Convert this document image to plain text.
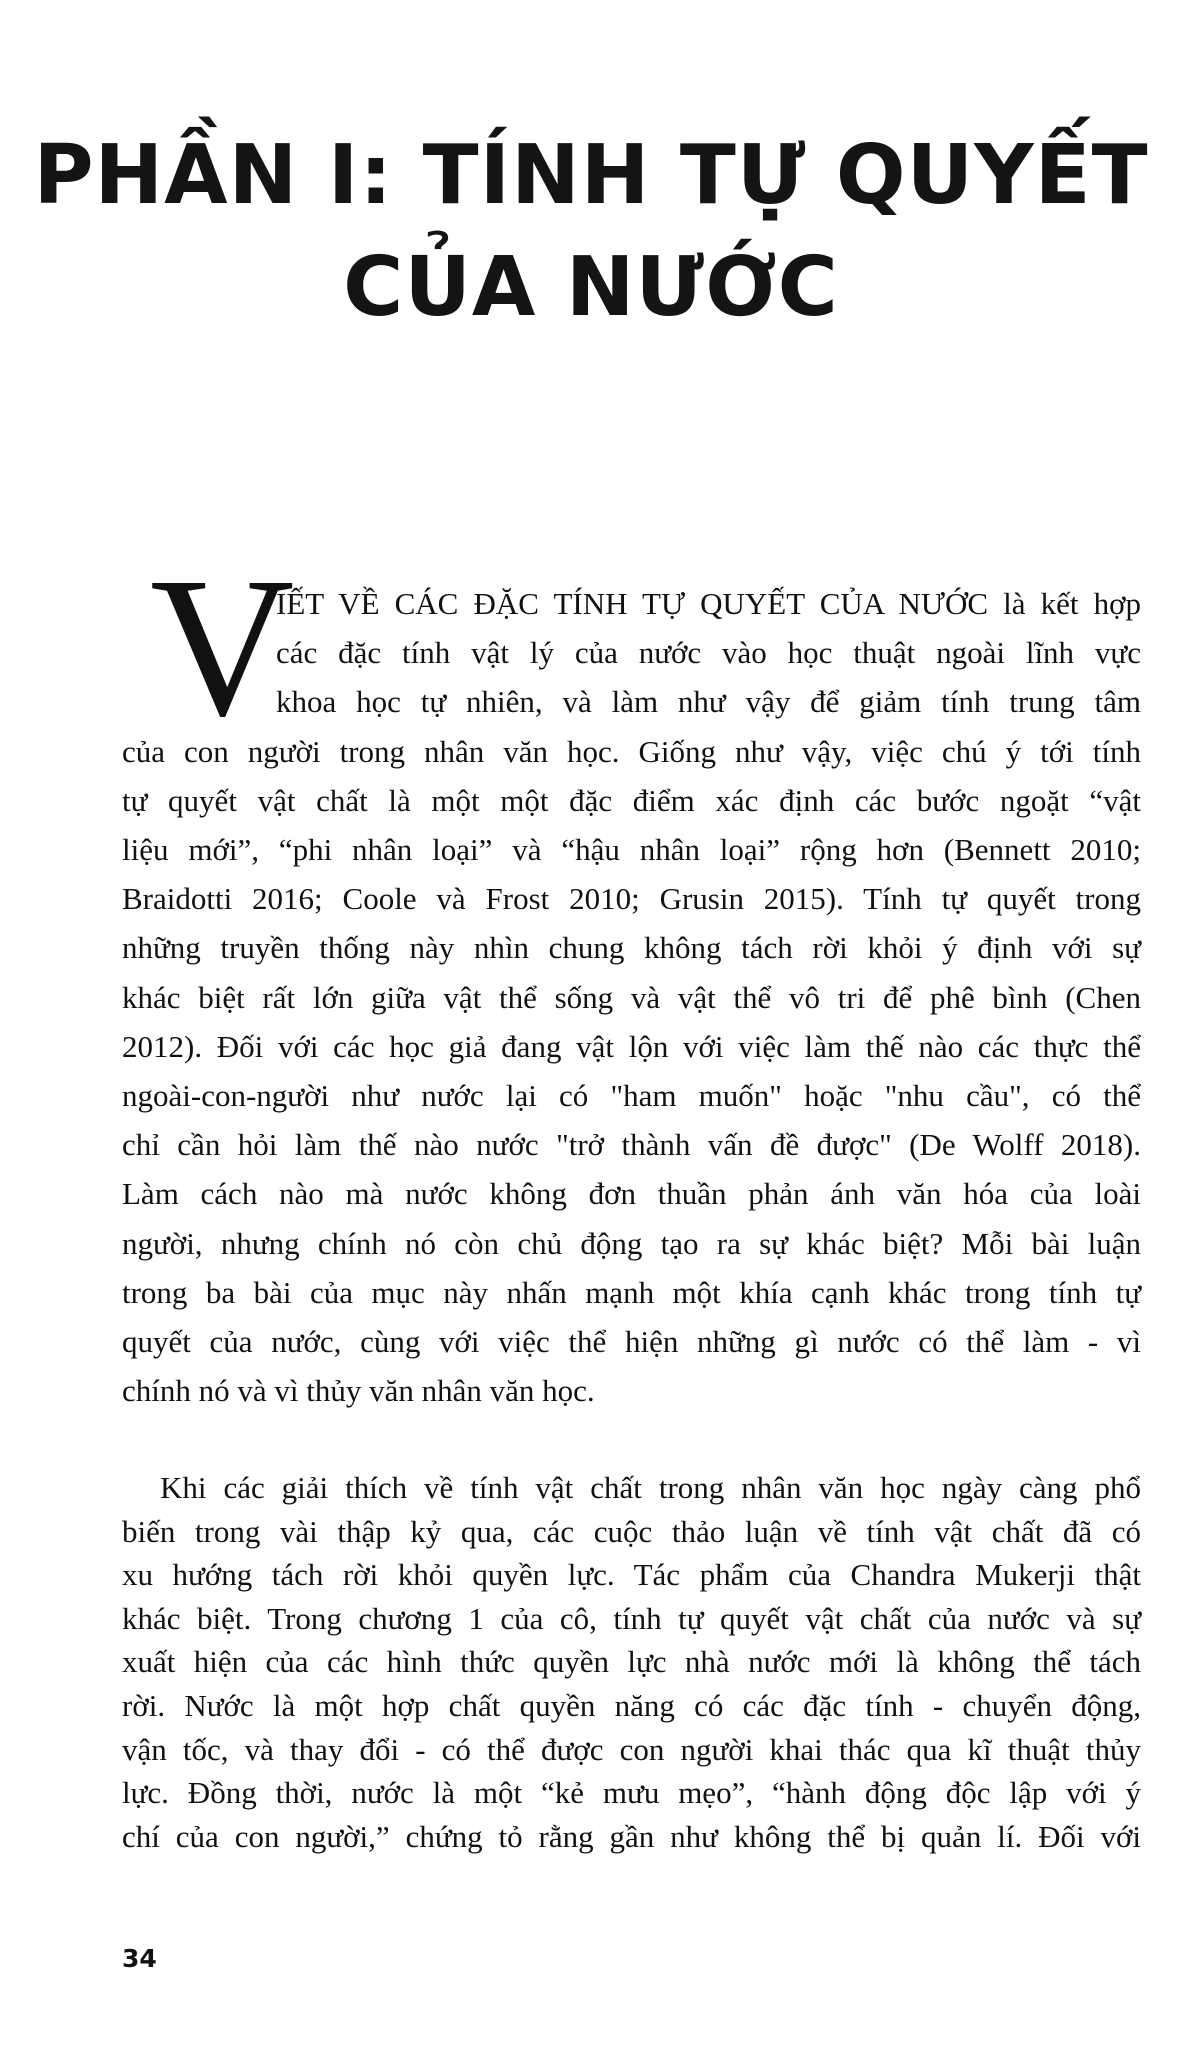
PHẦN I: TÍNH TỰ QUYẾT
CỦA NƯỚC
V
IẾT VỀ CÁC ĐẶC TÍNH TỰ QUYẾT CỦA NƯỚC là kết hợp
các đặc tính vật lý của nước vào học thuật ngoài lĩnh vực
khoa học tự nhiên, và làm như vậy để giảm tính trung tâm
của con người trong nhân văn học. Giống như vậy, việc chú ý tới tính
tự quyết vật chất là một một đặc điểm xác định các bước ngoặt “vật
liệu mới”, “phi nhân loại” và “hậu nhân loại” rộng hơn (Bennett 2010;
Braidotti 2016; Coole và Frost 2010; Grusin 2015). Tính tự quyết trong
những truyền thống này nhìn chung không tách rời khỏi ý định với sự
khác biệt rất lớn giữa vật thể sống và vật thể vô tri để phê bình (Chen
2012). Đối với các học giả đang vật lộn với việc làm thế nào các thực thể
ngoài-con-người như nước lại có "ham muốn" hoặc "nhu cầu", có thể
chỉ cần hỏi làm thế nào nước "trở thành vấn đề được" (De Wolff 2018).
Làm cách nào mà nước không đơn thuần phản ánh văn hóa của loài
người, nhưng chính nó còn chủ động tạo ra sự khác biệt? Mỗi bài luận
trong ba bài của mục này nhấn mạnh một khía cạnh khác trong tính tự
quyết của nước, cùng với việc thể hiện những gì nước có thể làm - vì
chính nó và vì thủy văn nhân văn học.
Khi các giải thích về tính vật chất trong nhân văn học ngày càng phổ
biến trong vài thập kỷ qua, các cuộc thảo luận về tính vật chất đã có
xu hướng tách rời khỏi quyền lực. Tác phẩm của Chandra Mukerji thật
khác biệt. Trong chương 1 của cô, tính tự quyết vật chất của nước và sự
xuất hiện của các hình thức quyền lực nhà nước mới là không thể tách
rời. Nước là một hợp chất quyền năng có các đặc tính - chuyển động,
vận tốc, và thay đổi - có thể được con người khai thác qua kĩ thuật thủy
lực. Đồng thời, nước là một “kẻ mưu mẹo”, “hành động độc lập với ý
chí của con người,” chứng tỏ rằng gần như không thể bị quản lí. Đối với
34
